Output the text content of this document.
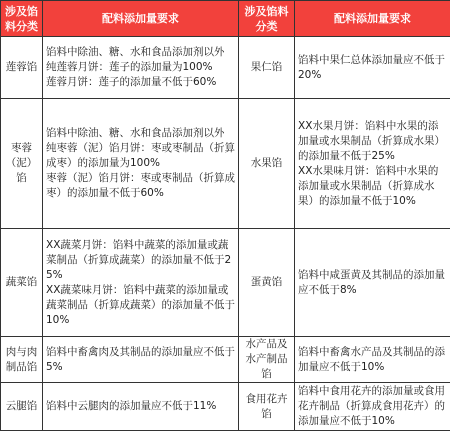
涉及馅料分类	配料添加量要求	涉及馅料分类	配料添加量要求
莲蓉馅	馅料中除油、糖、水和食品添加剂以外
纯莲蓉月饼：莲子的添加量为100%
莲蓉月饼：莲子的添加量不低于60%	果仁馅	馅料中果仁总体添加量应不低于20%

枣蓉（泥）馅	馅料中除油、糖、水和食品添加剂以外
纯枣蓉（泥）馅月饼：枣或枣制品（折算成枣）的添加量为100%
枣蓉（泥）馅月饼：枣或枣制品（折算成枣）的添加量不低于60%	水果馅	XX水果月饼：馅料中水果的添加量或水果制品（折算成水果）的添加量不低于25%
XX水果味月饼：馅料中水果的添加量或水果制品（折算成水果）的添加量不低于10%

蔬菜馅	XX蔬菜月饼：馅料中蔬菜的添加量或蔬菜制品（折算成蔬菜）的添加量不低于25%
XX蔬菜味月饼：馅料中蔬菜的添加量或蔬菜制品（折算成蔬菜）的添加量不低于10%	蛋黄馅	馅料中咸蛋黄及其制品的添加量应不低于8%

肉与肉制品馅	馅料中畜禽肉及其制品的添加量应不低于5%	水产品及水产制品馅	馅料中畜禽水产品及其制品的添加量应不低于10%

云腿馅	馅料中云腿肉的添加量应不低于11%	食用花卉馅	馅料中食用花卉的添加量或食用花卉制品（折算成食用花卉）的添加量应不低于10%
